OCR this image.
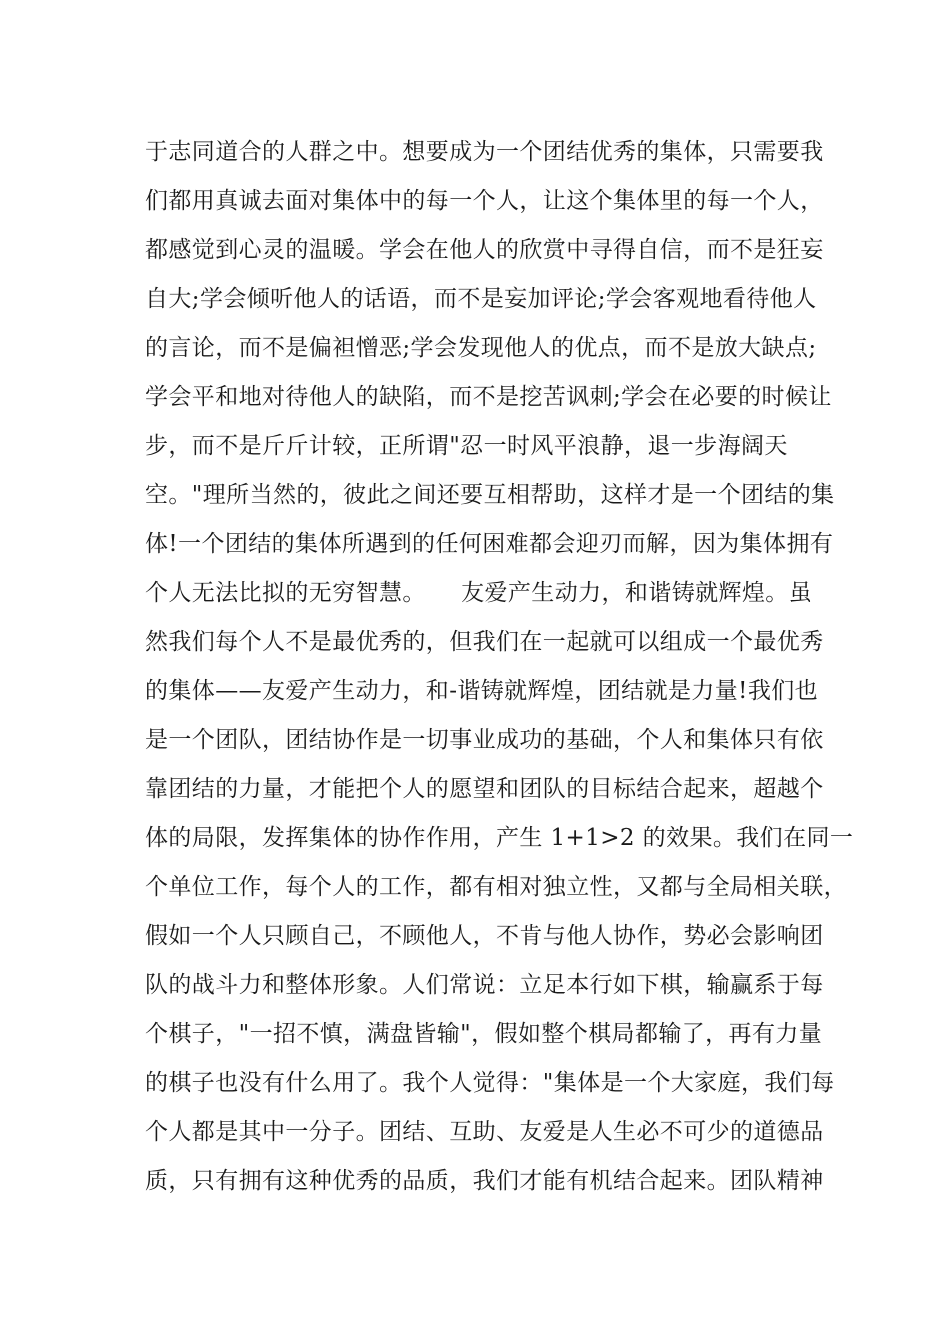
于志同道合的人群之中。想要成为一个团结优秀的集体，只需要我
们都用真诚去面对集体中的每一个人，让这个集体里的每一个人，
都感觉到心灵的温暖。学会在他人的欣赏中寻得自信，而不是狂妄
自大;学会倾听他人的话语，而不是妄加评论;学会客观地看待他人
的言论，而不是偏袒憎恶;学会发现他人的优点，而不是放大缺点;
学会平和地对待他人的缺陷，而不是挖苦讽刺;学会在必要的时候让
步，而不是斤斤计较，正所谓"忍一时风平浪静，退一步海阔天
空。"理所当然的，彼此之间还要互相帮助，这样才是一个团结的集
体!一个团结的集体所遇到的任何困难都会迎刃而解，因为集体拥有
个人无法比拟的无穷智慧。　　友爱产生动力，和谐铸就辉煌。虽
然我们每个人不是最优秀的，但我们在一起就可以组成一个最优秀
的集体——友爱产生动力，和-谐铸就辉煌，团结就是力量!我们也
是一个团队，团结协作是一切事业成功的基础，个人和集体只有依
靠团结的力量，才能把个人的愿望和团队的目标结合起来，超越个
体的局限，发挥集体的协作作用，产生 1+1>2 的效果。我们在同一
个单位工作，每个人的工作，都有相对独立性，又都与全局相关联，
假如一个人只顾自己，不顾他人，不肯与他人协作，势必会影响团
队的战斗力和整体形象。人们常说：立足本行如下棋，输赢系于每
个棋子，"一招不慎，满盘皆输"，假如整个棋局都输了，再有力量
的棋子也没有什么用了。我个人觉得："集体是一个大家庭，我们每
个人都是其中一分子。团结、互助、友爱是人生必不可少的道德品
质，只有拥有这种优秀的品质，我们才能有机结合起来。团队精神
